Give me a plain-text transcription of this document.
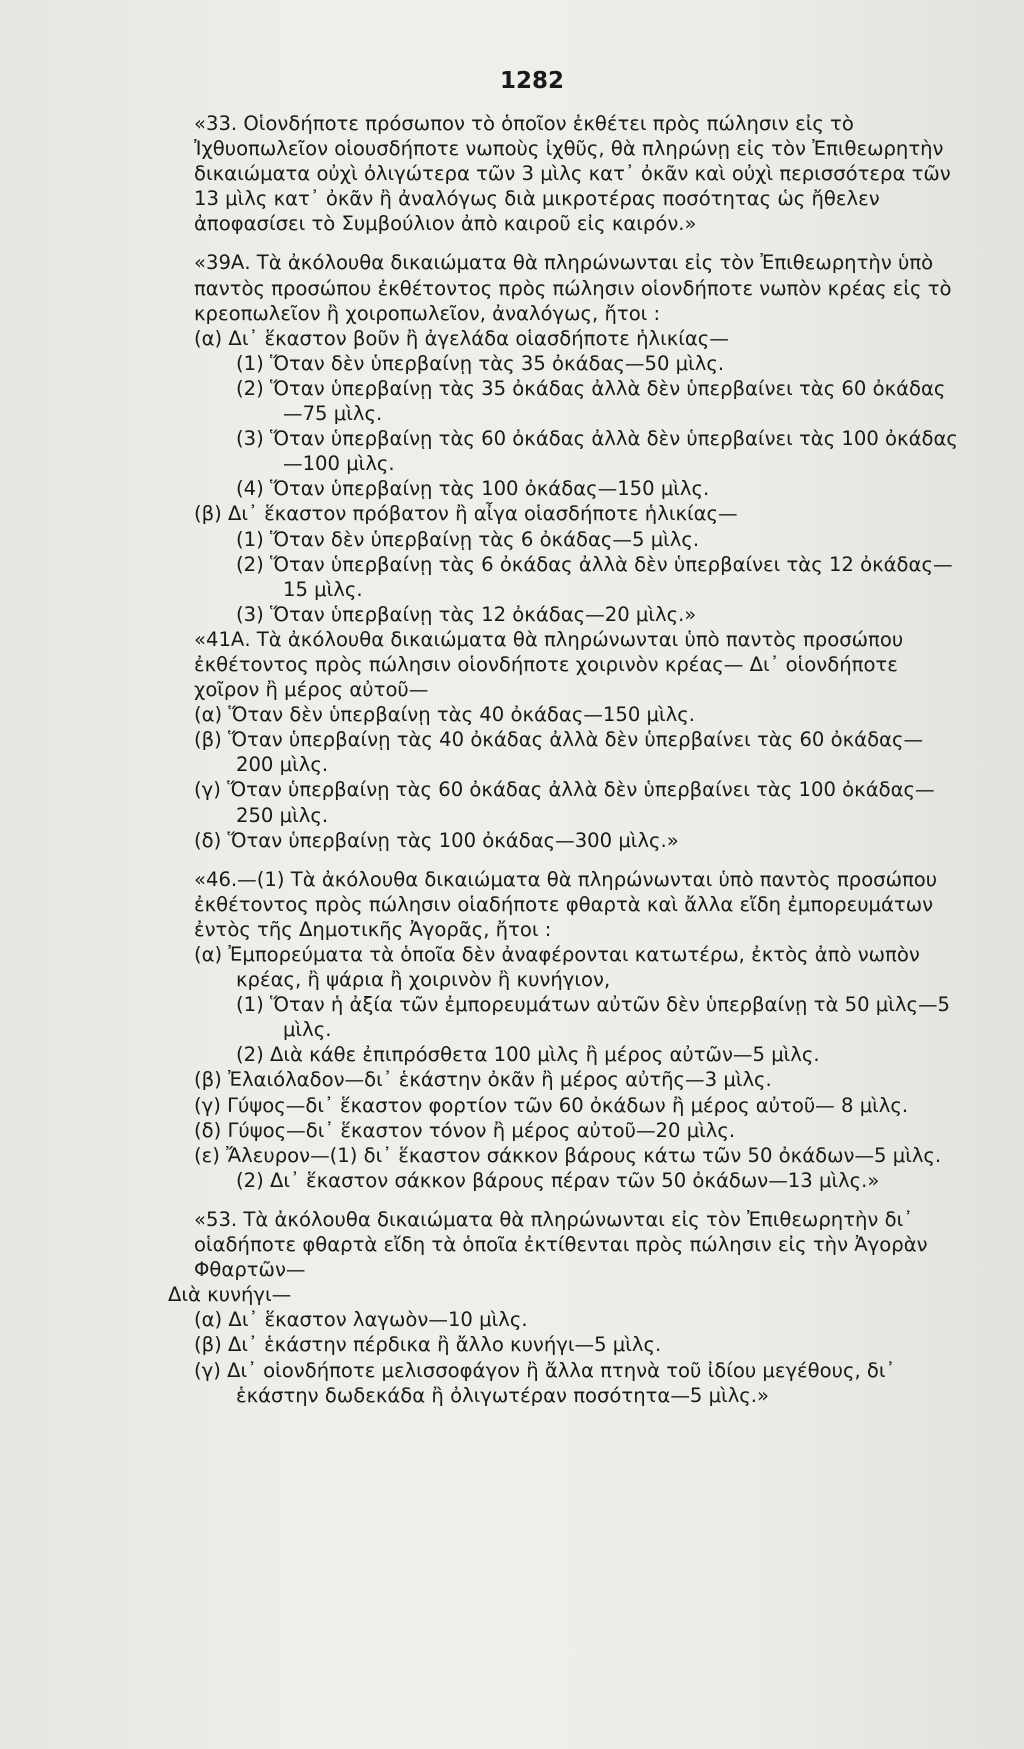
1282

«33. Οἱονδήποτε πρόσωπον τὸ ὁποῖον ἐκθέτει πρὸς πώλησιν εἰς τὸ Ἰχθυοπωλεῖον οἱουσδήποτε νωποὺς ἰχθῦς, θὰ πληρώνῃ εἰς τὸν Ἐπιθεωρητὴν δικαιώματα οὐχὶ ὀλιγώτερα τῶν 3 μὶλς κατ᾽ ὀκᾶν καὶ οὐχὶ περισσότερα τῶν 13 μὶλς κατ᾽ ὀκᾶν ἢ ἀναλόγως διὰ μικροτέρας ποσότητας ὡς ἤθελεν ἀποφασίσει τὸ Συμβούλιον ἀπὸ καιροῦ εἰς καιρόν.»

«39Α. Τὰ ἀκόλουθα δικαιώματα θὰ πληρώνωνται εἰς τὸν Ἐπιθεωρητὴν ὑπὸ παντὸς προσώπου ἐκθέτοντος πρὸς πώλησιν οἱονδήποτε νωπὸν κρέας εἰς τὸ κρεοπωλεῖον ἢ χοιροπωλεῖον, ἀναλόγως, ἤτοι :

(α) Δι᾽ ἕκαστον βοῦν ἢ ἀγελάδα οἱασδήποτε ἡλικίας—

(1) Ὅταν δὲν ὑπερβαίνῃ τὰς 35 ὀκάδας—50 μὶλς.

(2) Ὅταν ὑπερβαίνῃ τὰς 35 ὀκάδας ἀλλὰ δὲν ὑπερβαίνει τὰς 60 ὀκάδας—75 μὶλς.

(3) Ὅταν ὑπερβαίνῃ τὰς 60 ὀκάδας ἀλλὰ δὲν ὑπερβαίνει τὰς 100 ὀκάδας—100 μὶλς.

(4) Ὅταν ὑπερβαίνῃ τὰς 100 ὀκάδας—150 μὶλς.

(β) Δι᾽ ἕκαστον πρόβατον ἢ αἶγα οἱασδήποτε ἡλικίας—

(1) Ὅταν δὲν ὑπερβαίνῃ τὰς 6 ὀκάδας—5 μὶλς.

(2) Ὅταν ὑπερβαίνῃ τὰς 6 ὀκάδας ἀλλὰ δὲν ὑπερβαίνει τὰς 12 ὀκάδας—15 μὶλς.

(3) Ὅταν ὑπερβαίνῃ τὰς 12 ὀκάδας—20 μὶλς.»

«41Α. Τὰ ἀκόλουθα δικαιώματα θὰ πληρώνωνται ὑπὸ παντὸς προσώπου ἐκθέτοντος πρὸς πώλησιν οἱονδήποτε χοιρινὸν κρέας— Δι᾽ οἱονδήποτε χοῖρον ἢ μέρος αὐτοῦ—

(α) Ὅταν δὲν ὑπερβαίνῃ τὰς 40 ὀκάδας—150 μὶλς.

(β) Ὅταν ὑπερβαίνῃ τὰς 40 ὀκάδας ἀλλὰ δὲν ὑπερβαίνει τὰς 60 ὀκάδας—200 μὶλς.

(γ) Ὅταν ὑπερβαίνῃ τὰς 60 ὀκάδας ἀλλὰ δὲν ὑπερβαίνει τὰς 100 ὀκάδας—250 μὶλς.

(δ) Ὅταν ὑπερβαίνῃ τὰς 100 ὀκάδας—300 μὶλς.»

«46.—(1) Τὰ ἀκόλουθα δικαιώματα θὰ πληρώνωνται ὑπὸ παντὸς προσώπου ἐκθέτοντος πρὸς πώλησιν οἱαδήποτε φθαρτὰ καὶ ἄλλα εἴδη ἐμπορευμάτων ἐντὸς τῆς Δημοτικῆς Ἀγορᾶς, ἤτοι :

(α) Ἐμπορεύματα τὰ ὁποῖα δὲν ἀναφέρονται κατωτέρω, ἐκτὸς ἀπὸ νωπὸν κρέας, ἢ ψάρια ἢ χοιρινὸν ἢ κυνήγιον,

(1) Ὅταν ἡ ἀξία τῶν ἐμπορευμάτων αὐτῶν δὲν ὑπερβαίνῃ τὰ 50 μὶλς—5 μὶλς.

(2) Διὰ κάθε ἐπιπρόσθετα 100 μὶλς ἢ μέρος αὐτῶν—5 μὶλς.

(β) Ἐλαιόλαδον—δι᾽ ἑκάστην ὀκᾶν ἢ μέρος αὐτῆς—3 μὶλς.

(γ) Γύψος—δι᾽ ἕκαστον φορτίον τῶν 60 ὀκάδων ἢ μέρος αὐτοῦ— 8 μὶλς.

(δ) Γύψος—δι᾽ ἕκαστον τόνον ἢ μέρος αὐτοῦ—20 μὶλς.

(ε) Ἄλευρον—(1) δι᾽ ἕκαστον σάκκον βάρους κάτω τῶν 50 ὀκάδων—5 μὶλς.

(2) Δι᾽ ἕκαστον σάκκον βάρους πέραν τῶν 50 ὀκάδων—13 μὶλς.»

«53. Τὰ ἀκόλουθα δικαιώματα θὰ πληρώνωνται εἰς τὸν Ἐπιθεωρητὴν δι᾽ οἱαδήποτε φθαρτὰ εἴδη τὰ ὁποῖα ἐκτίθενται πρὸς πώλησιν εἰς τὴν Ἀγορὰν Φθαρτῶν—

Διὰ κυνήγι—

(α) Δι᾽ ἕκαστον λαγωὸν—10 μὶλς.

(β) Δι᾽ ἑκάστην πέρδικα ἢ ἄλλο κυνήγι—5 μὶλς.

(γ) Δι᾽ οἱονδήποτε μελισσοφάγον ἢ ἄλλα πτηνὰ τοῦ ἰδίου μεγέθους, δι᾽ ἑκάστην δωδεκάδα ἢ ὀλιγωτέραν ποσότητα—5 μὶλς.»
